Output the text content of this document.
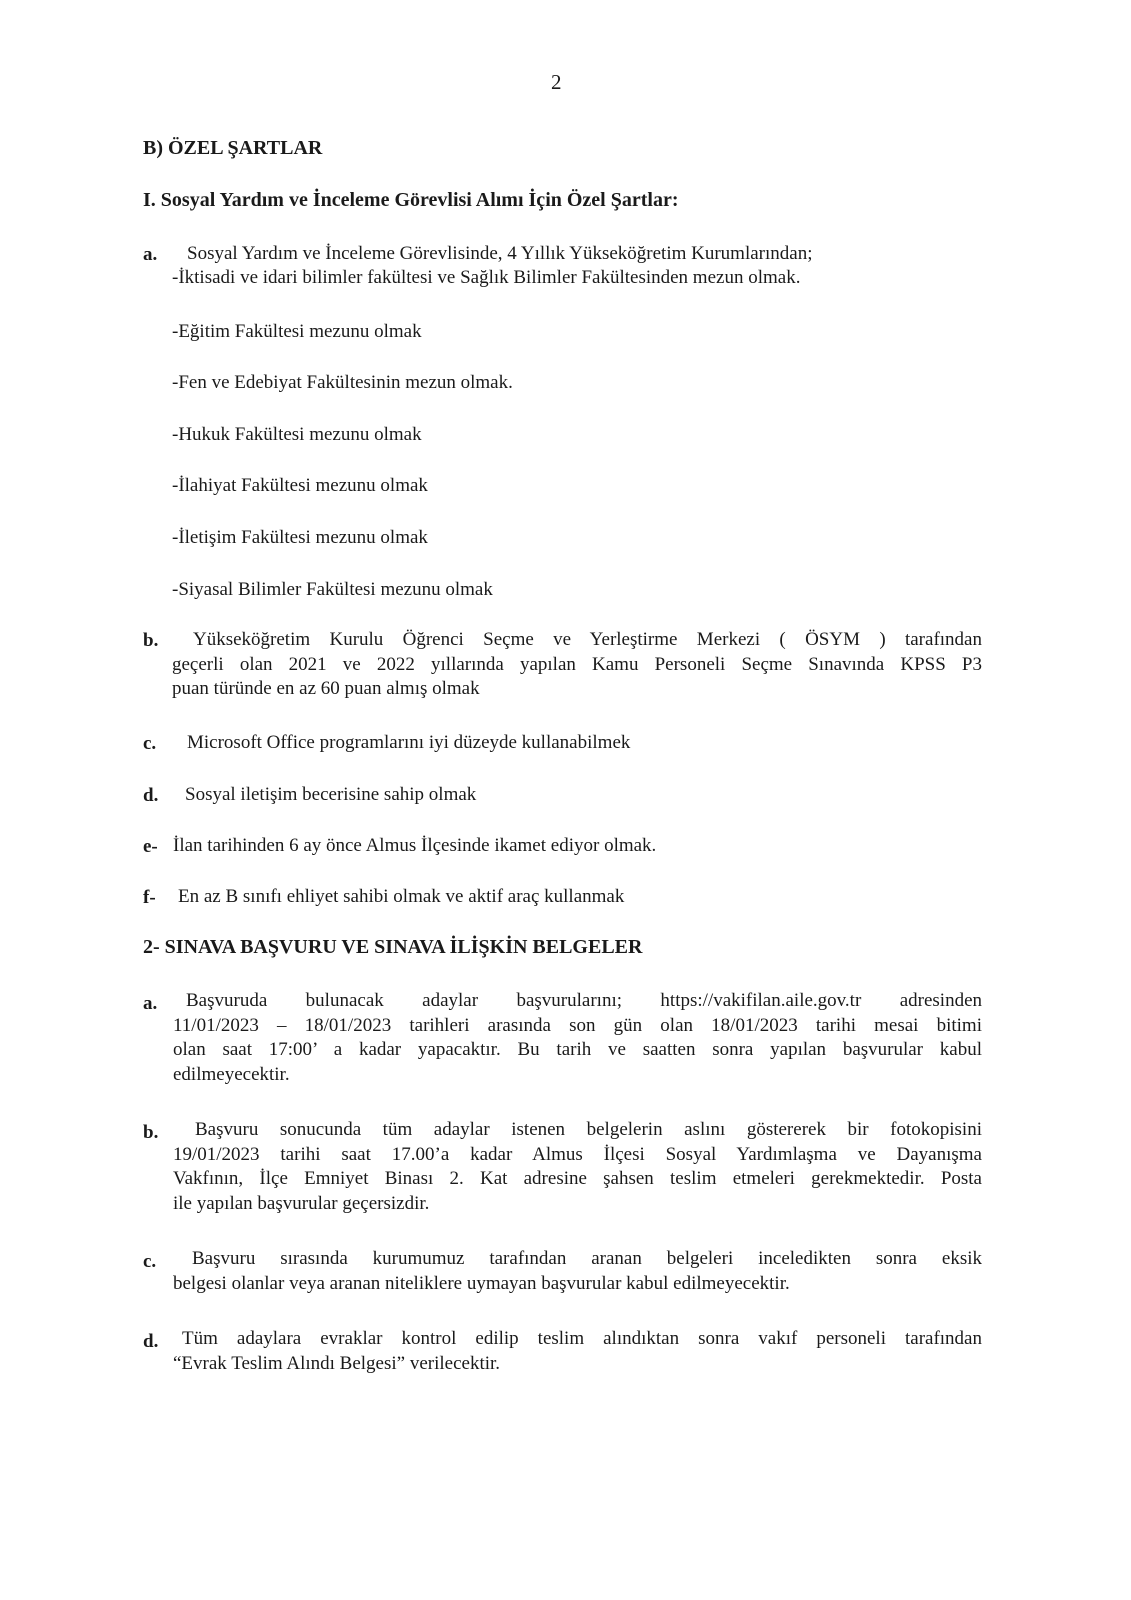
2
B) ÖZEL ŞARTLAR
I. Sosyal Yardım ve İnceleme Görevlisi Alımı İçin Özel Şartlar:
a. Sosyal Yardım ve İnceleme Görevlisinde, 4 Yıllık Yükseköğretim Kurumlarından;
-İktisadi ve idari bilimler fakültesi ve Sağlık Bilimler Fakültesinden mezun olmak.
-Eğitim Fakültesi mezunu olmak
-Fen ve Edebiyat Fakültesinin mezun olmak.
-Hukuk Fakültesi mezunu olmak
-İlahiyat Fakültesi mezunu olmak
-İletişim Fakültesi mezunu olmak
-Siyasal Bilimler Fakültesi mezunu olmak
b. Yükseköğretim Kurulu Öğrenci Seçme ve Yerleştirme Merkezi ( ÖSYM ) tarafından
geçerli olan 2021 ve 2022 yıllarında yapılan Kamu Personeli Seçme Sınavında KPSS P3
puan türünde en az 60 puan almış olmak
c. Microsoft Office programlarını iyi düzeyde kullanabilmek
d. Sosyal iletişim becerisine sahip olmak
e- İlan tarihinden 6 ay önce Almus İlçesinde ikamet ediyor olmak.
f- En az B sınıfı ehliyet sahibi olmak ve aktif araç kullanmak
2- SINAVA BAŞVURU VE SINAVA İLİŞKİN BELGELER
a. Başvuruda bulunacak adaylar başvurularını; https://vakifilan.aile.gov.tr adresinden
11/01/2023 – 18/01/2023 tarihleri arasında son gün olan 18/01/2023 tarihi mesai bitimi
olan saat 17:00’ a kadar yapacaktır. Bu tarih ve saatten sonra yapılan başvurular kabul
edilmeyecektir.
b. Başvuru sonucunda tüm adaylar istenen belgelerin aslını göstererek bir fotokopisini
19/01/2023 tarihi saat 17.00’a kadar Almus İlçesi Sosyal Yardımlaşma ve Dayanışma
Vakfının, İlçe Emniyet Binası 2. Kat adresine şahsen teslim etmeleri gerekmektedir. Posta
ile yapılan başvurular geçersizdir.
c. Başvuru sırasında kurumumuz tarafından aranan belgeleri inceledikten sonra eksik
belgesi olanlar veya aranan niteliklere uymayan başvurular kabul edilmeyecektir.
d. Tüm adaylara evraklar kontrol edilip teslim alındıktan sonra vakıf personeli tarafından
“Evrak Teslim Alındı Belgesi” verilecektir.
